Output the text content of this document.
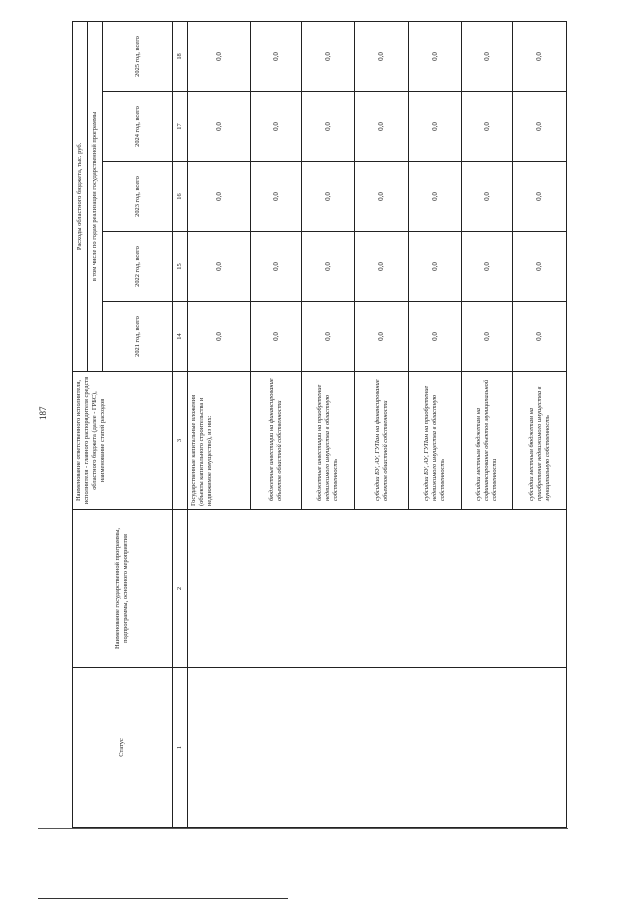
187
Статус	Наименование государственной программы, подпрограммы, основного мероприятия	Наименование ответственного исполнителя, исполнителя - главного распорядителя средств областного бюджета (далее - ГРБС), наименование статей расходов	Расходы областного бюджета, тыс. руб.				
			в том числе по годам реализации государственной программы				
			2021 год, всего	2022 год, всего	2023 год, всего	2024 год, всего	2025 год, всего
1	2	3	14	15	16	17	18
		Государственные капитальные вложения (объекты капитального строительства и недвижимое имущество), из них:	0,0	0,0	0,0	0,0	0,0
		бюджетные инвестиции на финансирование объектов областной собственности	0,0	0,0	0,0	0,0	0,0
		бюджетные инвестиции на приобретение недвижимого имущества в областную собственность	0,0	0,0	0,0	0,0	0,0
		субсидии БУ, АУ, ГУПам на финансирование объектов областной собственности	0,0	0,0	0,0	0,0	0,0
		субсидии БУ, АУ, ГУПам на приобретение недвижимого имущества в областную собственность	0,0	0,0	0,0	0,0	0,0
		субсидии местным бюджетам на софинансирование объектов муниципальной собственности	0,0	0,0	0,0	0,0	0,0
		субсидии местным бюджетам на приобретение недвижимого имущества в муниципальную собственность	0,0	0,0	0,0	0,0	0,0
